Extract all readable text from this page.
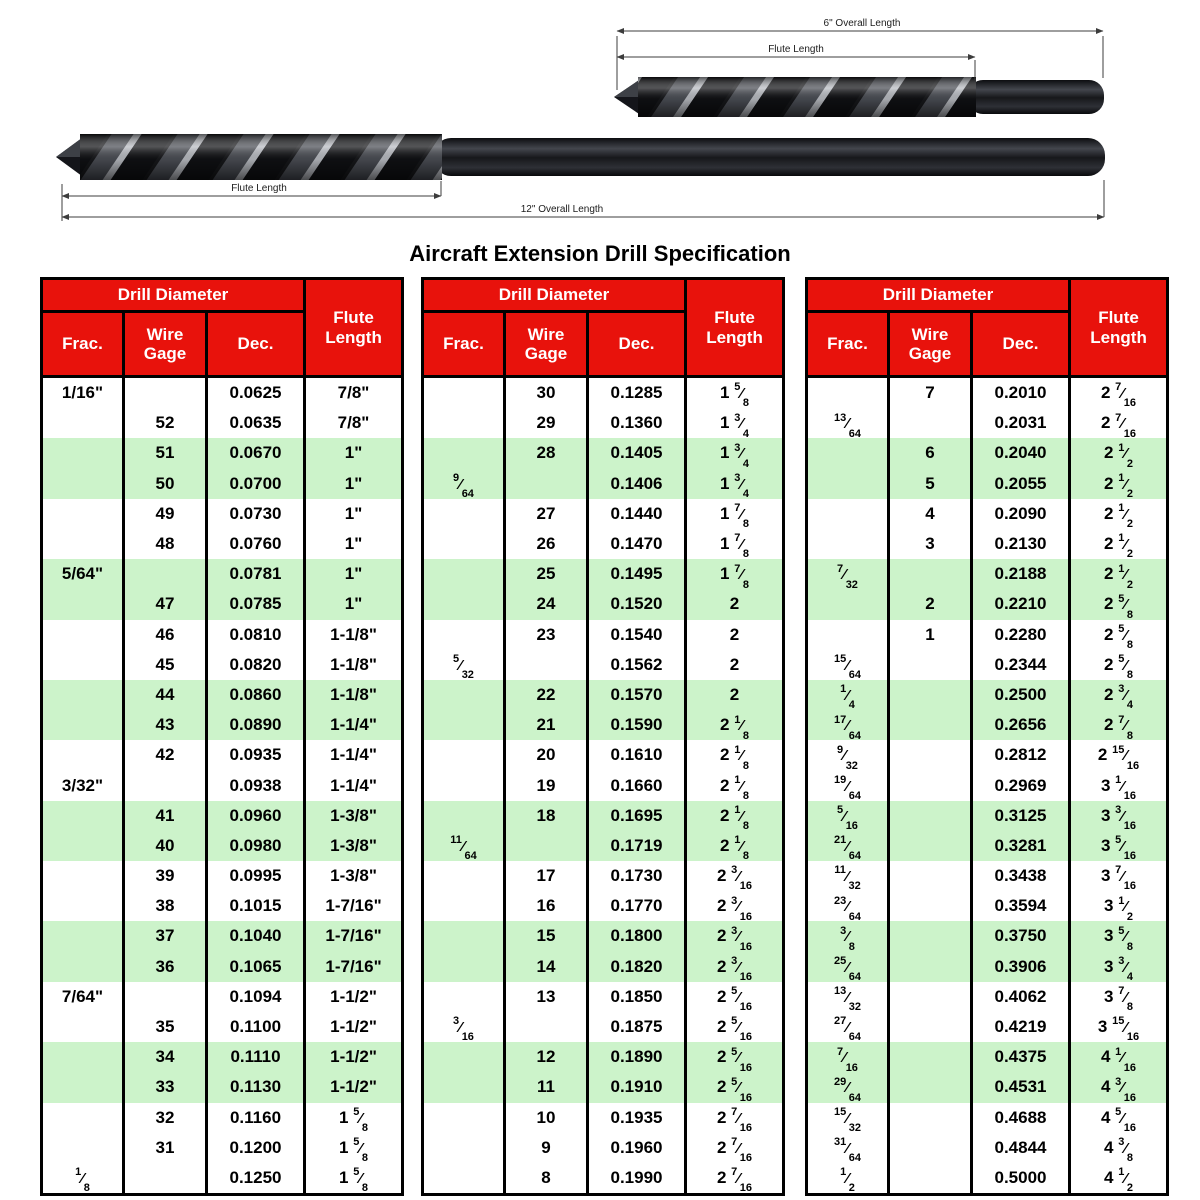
6" Overall Length
Flute Length
Flute Length
12" Overall Length
Aircraft Extension Drill Specification
Drill Diameter			Flute Length
Frac.	Wire Gage	Dec.	
1/16"		0.0625	7/8"
	52	0.0635	7/8"
	51	0.0670	1"
	50	0.0700	1"
	49	0.0730	1"
	48	0.0760	1"
5/64"		0.0781	1"
	47	0.0785	1"
	46	0.0810	1-1/8"
	45	0.0820	1-1/8"
	44	0.0860	1-1/8"
	43	0.0890	1-1/4"
	42	0.0935	1-1/4"
3/32"		0.0938	1-1/4"
	41	0.0960	1-3/8"
	40	0.0980	1-3/8"
	39	0.0995	1-3/8"
	38	0.1015	1-7/16"
	37	0.1040	1-7/16"
	36	0.1065	1-7/16"
7/64"		0.1094	1-1/2"
	35	0.1100	1-1/2"
	34	0.1110	1-1/2"
	33	0.1130	1-1/2"
	32	0.1160	1 $^5⁄_8$
	31	0.1200	1 $^5⁄_8$
$^1⁄_8$		0.1250	1 $^5⁄_8$
Drill Diameter			Flute Length
Frac.	Wire Gage	Dec.	
	30	0.1285	1 $^5⁄_8$
	29	0.1360	1 $^3⁄_4$
	28	0.1405	1 $^3⁄_4$
$^9⁄_{64}$		0.1406	1 $^3⁄_4$
	27	0.1440	1 $^7⁄_8$
	26	0.1470	1 $^7⁄_8$
	25	0.1495	1 $^7⁄_8$
	24	0.1520	2
	23	0.1540	2
$^5⁄_{32}$		0.1562	2
	22	0.1570	2
	21	0.1590	2 $^1⁄_8$
	20	0.1610	2 $^1⁄_8$
	19	0.1660	2 $^1⁄_8$
	18	0.1695	2 $^1⁄_8$
$^{11}⁄_{64}$		0.1719	2 $^1⁄_8$
	17	0.1730	2 $^3⁄_{16}$
	16	0.1770	2 $^3⁄_{16}$
	15	0.1800	2 $^3⁄_{16}$
	14	0.1820	2 $^3⁄_{16}$
	13	0.1850	2 $^5⁄_{16}$
$^3⁄_{16}$		0.1875	2 $^5⁄_{16}$
	12	0.1890	2 $^5⁄_{16}$
	11	0.1910	2 $^5⁄_{16}$
	10	0.1935	2 $^7⁄_{16}$
	9	0.1960	2 $^7⁄_{16}$
	8	0.1990	2 $^7⁄_{16}$
Drill Diameter			Flute Length
Frac.	Wire Gage	Dec.	
	7	0.2010	2 $^7⁄_{16}$
$^{13}⁄_{64}$		0.2031	2 $^7⁄_{16}$
	6	0.2040	2 $^1⁄_2$
	5	0.2055	2 $^1⁄_2$
	4	0.2090	2 $^1⁄_2$
	3	0.2130	2 $^1⁄_2$
$^7⁄_{32}$		0.2188	2 $^1⁄_2$
	2	0.2210	2 $^5⁄_8$
	1	0.2280	2 $^5⁄_8$
$^{15}⁄_{64}$		0.2344	2 $^5⁄_8$
$^1⁄_4$		0.2500	2 $^3⁄_4$
$^{17}⁄_{64}$		0.2656	2 $^7⁄_8$
$^9⁄_{32}$		0.2812	2 $^{15}⁄_{16}$
$^{19}⁄_{64}$		0.2969	3 $^1⁄_{16}$
$^5⁄_{16}$		0.3125	3 $^3⁄_{16}$
$^{21}⁄_{64}$		0.3281	3 $^5⁄_{16}$
$^{11}⁄_{32}$		0.3438	3 $^7⁄_{16}$
$^{23}⁄_{64}$		0.3594	3 $^1⁄_2$
$^3⁄_8$		0.3750	3 $^5⁄_8$
$^{25}⁄_{64}$		0.3906	3 $^3⁄_4$
$^{13}⁄_{32}$		0.4062	3 $^7⁄_8$
$^{27}⁄_{64}$		0.4219	3 $^{15}⁄_{16}$
$^7⁄_{16}$		0.4375	4 $^1⁄_{16}$
$^{29}⁄_{64}$		0.4531	4 $^3⁄_{16}$
$^{15}⁄_{32}$		0.4688	4 $^5⁄_{16}$
$^{31}⁄_{64}$		0.4844	4 $^3⁄_8$
$^1⁄_2$		0.5000	4 $^1⁄_2$
